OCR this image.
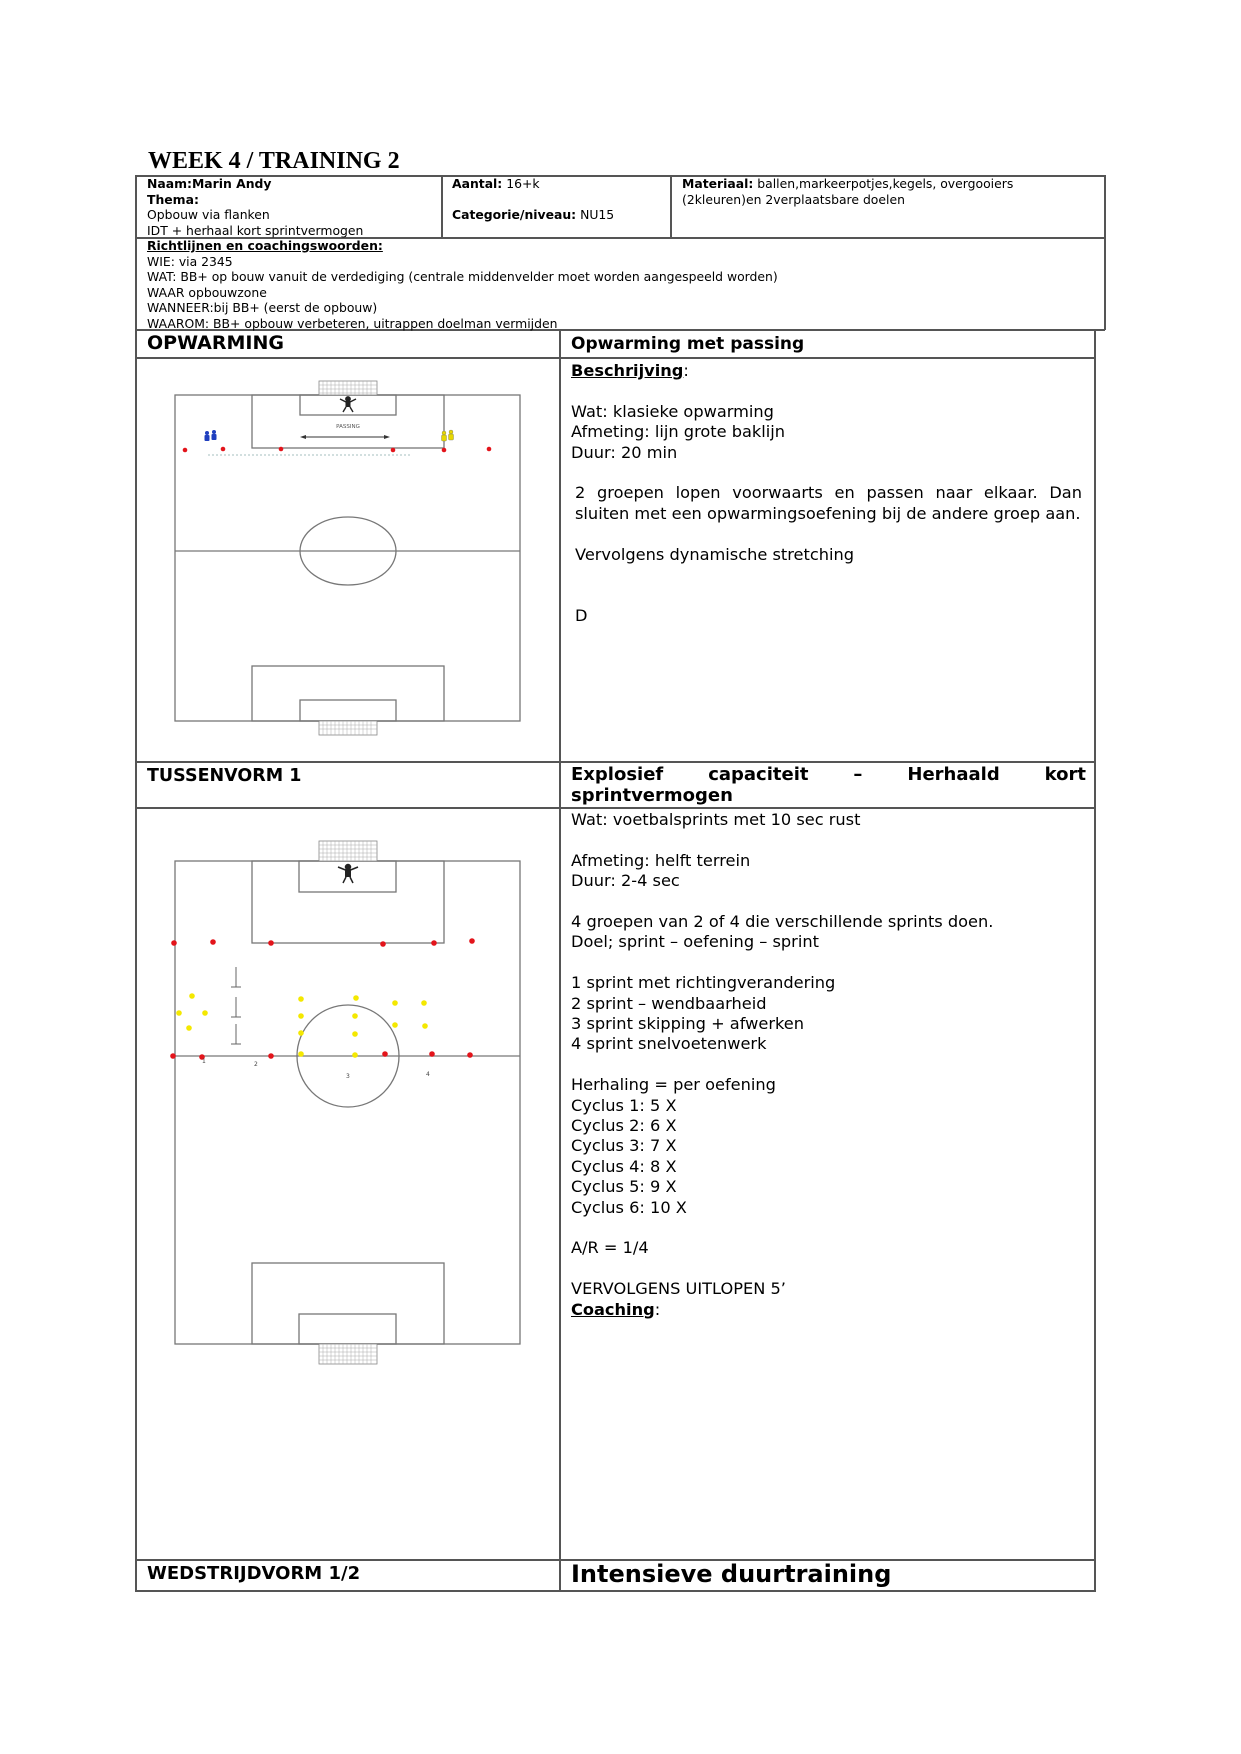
WEEK 4 / TRAINING 2
Naam:Marin Andy
Thema:
Opbouw via flanken
IDT + herhaal kort sprintvermogen
Aantal: 16+k
Categorie/niveau: NU15
Materiaal: ballen,markeerpotjes,kegels, overgooiers
(2kleuren)en 2verplaatsbare doelen
Richtlijnen en coachingswoorden:
WIE: via 2345
WAT: BB+ op bouw vanuit de verdediging (centrale middenvelder moet worden aangespeeld worden)
WAAR opbouwzone
WANNEER:bij BB+ (eerst de opbouw)
WAAROM: BB+ opbouw verbeteren, uitrappen doelman vermijden
OPWARMING	Opwarming met passing
Beschrijving:
Wat: klasieke opwarming
Afmeting: lijn grote baklijn
Duur: 20 min
2 groepen lopen voorwaarts en passen naar elkaar. Dan sluiten met een opwarmingsoefening bij de andere groep aan.
Vervolgens dynamische stretching
D
PASSING
TUSSENVORM 1	Explosief capaciteit – Herhaald kort sprintvermogen
Wat: voetbalsprints met 10 sec rust
Afmeting: helft terrein
Duur: 2-4 sec
4 groepen van 2 of 4 die verschillende sprints doen.
Doel; sprint – oefening – sprint
1 sprint met richtingverandering
2 sprint – wendbaarheid
3 sprint skipping + afwerken
4 sprint snelvoetenwerk
Herhaling = per oefening
Cyclus 1: 5 X
Cyclus 2: 6 X
Cyclus 3: 7 X
Cyclus 4: 8 X
Cyclus 5: 9 X
Cyclus 6: 10 X
A/R = 1/4
VERVOLGENS UITLOPEN 5’
Coaching:
1	2
3	4
WEDSTRIJDVORM 1/2	Intensieve duurtraining
